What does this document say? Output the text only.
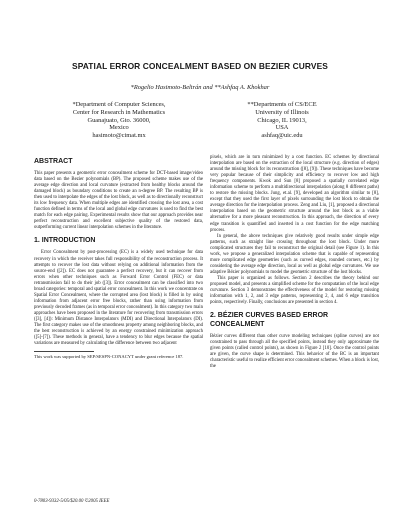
SPATIAL ERROR CONCEALMENT BASED ON BEZIER CURVES

*Rogelio Hasimoto-Beltrán and **Ashfaq A. Khokhar

*Department of Computer Sciences,
Center for Research in Mathematics
Guanajuato, Gto. 36000,
Mexico
hasimoto@cimat.mx
**Departments of CS/ECE
University of Illinois
Chicago, IL 19013,
USA
ashfaq@uic.edu
ABSTRACT

This paper presents a geometric error concealment scheme for DCT-based image/video data based on the Bezier polynomials (BP). The proposed scheme makes use of the average edge direction and local curvature (extracted from healthy blocks around the damaged block) as boundary conditions to create an n-degree BP. The resulting BP is then used to interpolate the edges of the lost block, as well as to directionally reconstruct its low frequency data. When multiple edges are identified crossing the lost area, a cost function defined in terms of the local and global edge curvatures is used to find the best match for each edge pairing. Experimental results show that our approach provides near perfect reconstruction and excellent subjective quality of the restored data, outperforming current linear interpolation schemes in the literature.

1. INTRODUCTION

Error Concealment by post-processing (EC) is a widely used technique for data recovery in which the receiver takes full responsibility of the reconstruction process. It attempts to recover the lost data without relying on additional information from the source-end ([2]). EC does not guarantee a perfect recovery, but it can recover from errors when other techniques such as Forward Error Control (FEC) or data retransmission fail to do their job ([3]). Error concealment can be classified into two broad categories: temporal and spatial error concealment. In this work we concentrate on Spatial Error Concealment, where the corrupted area (lost block) is filled in by using information from adjacent error free blocks, rather than using information from previously decoded frames (as in temporal error concealment). In this category two main approaches have been proposed in the literature for recovering from transmission errors ([3], [4]): Minimum Distance Interpolators (MDI) and Directional Interpolators (DI). The first category makes use of the smoothness property among neighboring blocks, and the best reconstruction is achieved by an energy constrained minimization approach ([5]-[7]). These methods in general, have a tendency to blur edges because the spatial variations are measured by calculating the difference between two adjacent

This work was supported by SEP/SESPN-CONACYT under grant reference 187.

pixels, which are in turn minimized by a cost function. EC schemes by directional interpolation are based on the extraction of the local structure (e.g. direction of edges) around the missing block for its reconstruction ([8], [9]). These techniques have become very popular because of their simplicity and efficiency to recover low and high frequency components. Kwok and Sun [8] proposed a spatially correlated edge information scheme to perform a multidirectional interpolation (along 8 different paths) to restore the missing blocks. Jung, et.al. [9], developed an algorithm similar to [8], except that they used the first layer of pixels surrounding the lost block to obtain the average direction for the interpolation process. Zeng and Liu, [1], proposed a directional interpolation based on the geometric structure around the lost block as a viable alternative for a more pleasant reconstruction. In this approach, the direction of every edge transition is quantified and inserted in a cost function for the edge matching process.

In general, the above techniques give relatively good results under simple edge patterns, such as straight line crossing throughout the lost block. Under more complicated structures they fail to reconstruct the original detail (see Figure 1). In this work, we propose a generalized interpolation scheme that is capable of representing more complicated edge geometries (such as curved edges, rounded corners, etc.) by considering the average edge direction, local as well as global edge curvatures. We use adaptive Bézier polynomials to model the geometric structure of the lost blocks.

This paper is organized as follows. Section 2 describes the theory behind our proposed model, and presents a simplified scheme for the computation of the local edge curvature. Section 3 demonstrates the effectiveness of the model for restoring missing information with 1, 2, and 3 edge patterns, representing 2, 4, and 6 edge transition points, respectively. Finally, conclusions are presented in section 4.

2. BÉZIER CURVES BASED ERROR CONCEALMENT

Bézier curves different than other curve modeling techniques (spline curves) are not constrained to pass through all the specified points, instead they only approximate the given points (called control points), as shown in Figure 2 [10]. Once the control points are given, the curve shape is determined. This behavior of the BC is an important characteristic useful to realize efficient error concealment schemes. When a block is lost, the

0-7803-9332-5/05/$20.00 ©2005 IEEE
